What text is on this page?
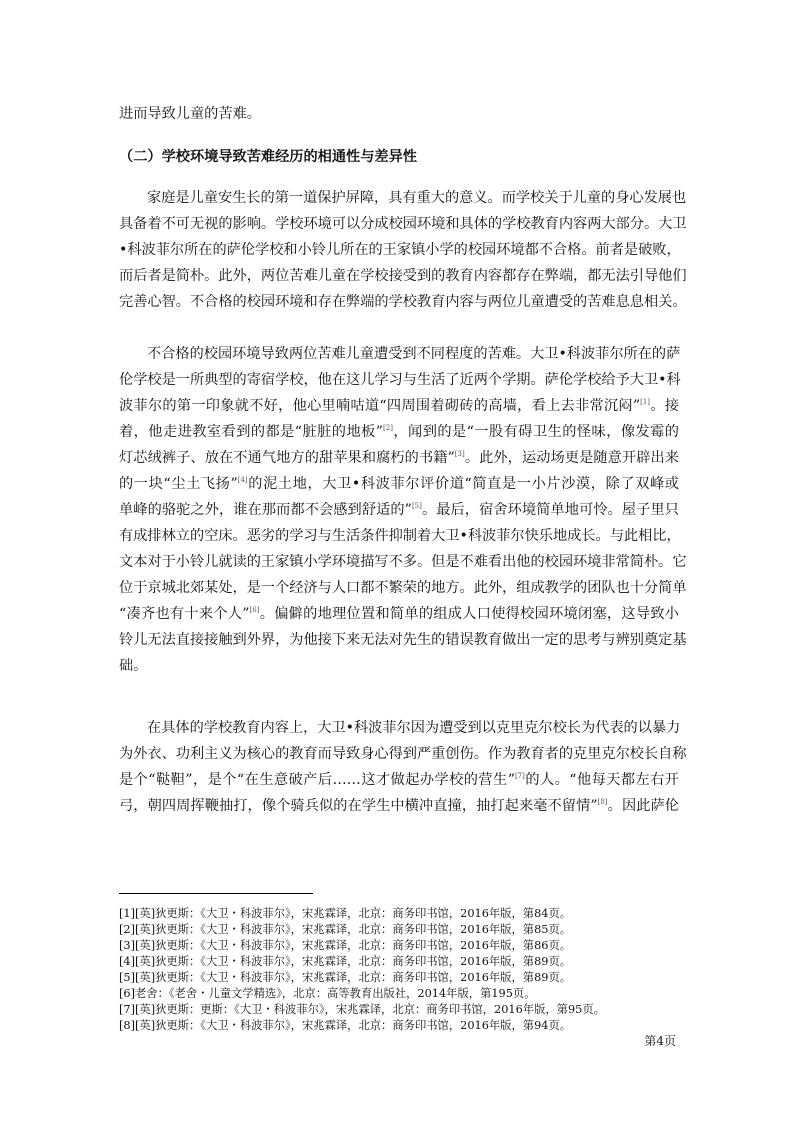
进而导致儿童的苦难。

（二）学校环境导致苦难经历的相通性与差异性

家庭是儿童安生长的第一道保护屏障，具有重大的意义。而学校关于儿童的身心发展也

具备着不可无视的影响。学校环境可以分成校园环境和具体的学校教育内容两大部分。大卫

•科波菲尔所在的萨伦学校和小铃儿所在的王家镇小学的校园环境都不合格。前者是破败，

而后者是简朴。此外，两位苦难儿童在学校接受到的教育内容都存在弊端，都无法引导他们

完善心智。不合格的校园环境和存在弊端的学校教育内容与两位儿童遭受的苦难息息相关。

不合格的校园环境导致两位苦难儿童遭受到不同程度的苦难。大卫•科波菲尔所在的萨

伦学校是一所典型的寄宿学校，他在这儿学习与生活了近两个学期。萨伦学校给予大卫•科

波菲尔的第一印象就不好，他心里喃咕道“四周围着砌砖的高墙，看上去非常沉闷”[1]。接

着，他走进教室看到的都是“脏脏的地板”[2]，闻到的是“一股有碍卫生的怪味，像发霉的

灯芯绒裤子、放在不通气地方的甜苹果和腐朽的书籍”[3]。此外，运动场更是随意开辟出来

的一块“尘土飞扬”[4]的泥土地，大卫•科波菲尔评价道“简直是一小片沙漠，除了双峰或

单峰的骆驼之外，谁在那而都不会感到舒适的”[5]。最后，宿舍环境简单地可怜。屋子里只

有成排林立的空床。恶劣的学习与生活条件抑制着大卫•科波菲尔快乐地成长。与此相比，

文本对于小铃儿就读的王家镇小学环境描写不多。但是不难看出他的校园环境非常简朴。它

位于京城北郊某处，是一个经济与人口都不繁荣的地方。此外，组成教学的团队也十分简单

“凑齐也有十来个人”[6]。偏僻的地理位置和简单的组成人口使得校园环境闭塞，这导致小

铃儿无法直接接触到外界，为他接下来无法对先生的错误教育做出一定的思考与辨别奠定基

础。

在具体的学校教育内容上，大卫•科波菲尔因为遭受到以克里克尔校长为代表的以暴力

为外衣、功利主义为核心的教育而导致身心得到严重创伤。作为教育者的克里克尔校长自称

是个“鞑靼”，是个“在生意破产后……这才做起办学校的营生”[7]的人。“他每天都左右开

弓，朝四周挥鞭抽打，像个骑兵似的在学生中横冲直撞，抽打起来毫不留情”[8]。因此萨伦

[1][英]狄更斯：《大卫・科波菲尔》，宋兆霖译，北京：商务印书馆，2016年版，第84页。

[2][英]狄更斯：《大卫・科波菲尔》，宋兆霖译，北京：商务印书馆，2016年版，第85页。

[3][英]狄更斯：《大卫・科波菲尔》，宋兆霖译，北京：商务印书馆，2016年版，第86页。

[4][英]狄更斯：《大卫・科波菲尔》，宋兆霖译，北京：商务印书馆，2016年版，第89页。

[5][英]狄更斯：《大卫・科波菲尔》，宋兆霖译，北京：商务印书馆，2016年版，第89页。

[6]老舍：《老舍・儿童文学精选》，北京：高等教育出版社，2014年版，第195页。

[7][英]狄更斯：更斯：《大卫・科波菲尔》，宋兆霖译，北京：商务印书馆，2016年版，第95页。

[8][英]狄更斯：《大卫・科波菲尔》，宋兆霖译，北京：商务印书馆，2016年版，第94页。

第4页
